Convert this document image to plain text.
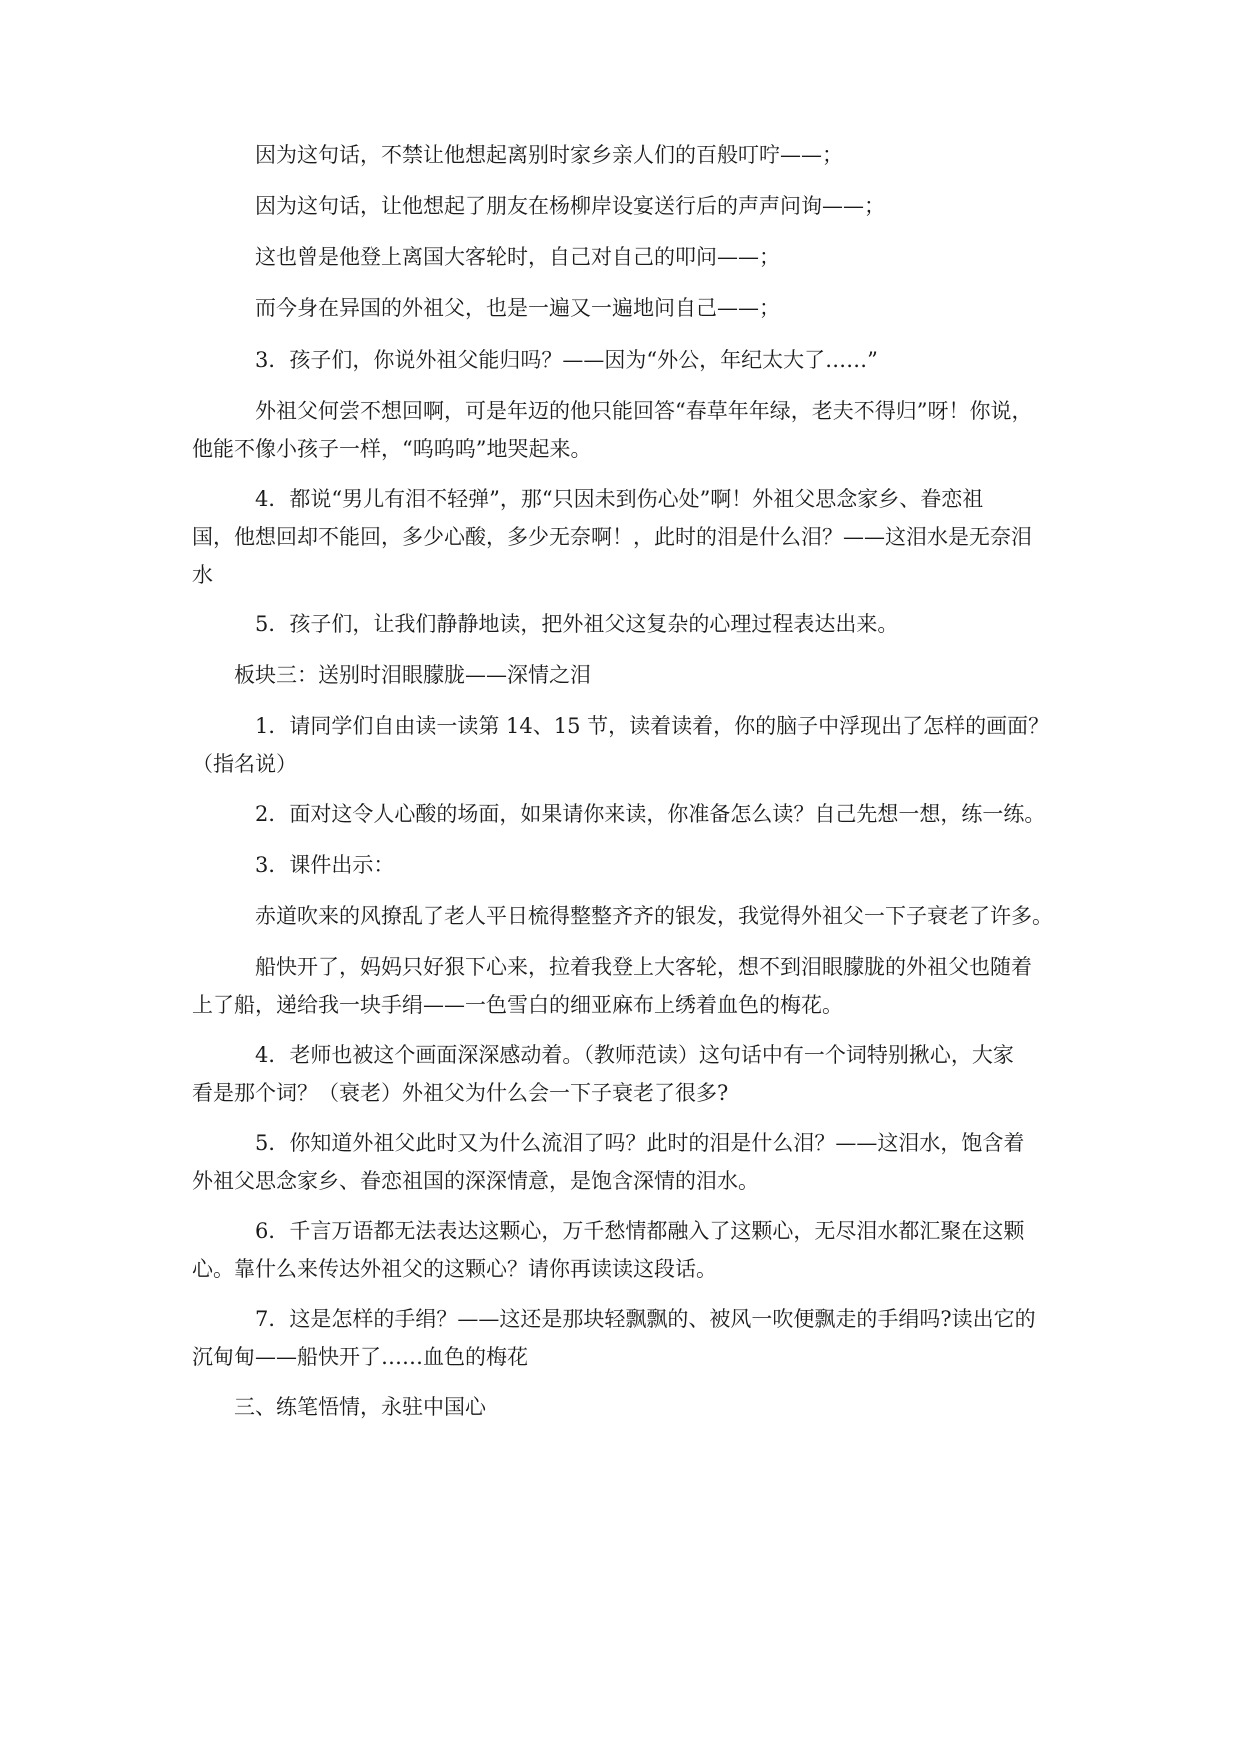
因为这句话，不禁让他想起离别时家乡亲人们的百般叮咛——；

因为这句话，让他想起了朋友在杨柳岸设宴送行后的声声问询——；

这也曾是他登上离国大客轮时，自己对自己的叩问——；

而今身在异国的外祖父，也是一遍又一遍地问自己——；

3．孩子们，你说外祖父能归吗？——因为“外公，年纪太大了……”

外祖父何尝不想回啊，可是年迈的他只能回答“春草年年绿，老夫不得归”呀！你说，
他能不像小孩子一样，“呜呜呜”地哭起来。

4．都说“男儿有泪不轻弹”，那“只因未到伤心处”啊！外祖父思念家乡、眷恋祖
国，他想回却不能回，多少心酸，多少无奈啊！，此时的泪是什么泪？——这泪水是无奈泪
水

5．孩子们，让我们静静地读，把外祖父这复杂的心理过程表达出来。

板块三：送别时泪眼朦胧——深情之泪

1．请同学们自由读一读第 14、15 节，读着读着，你的脑子中浮现出了怎样的画面？
（指名说）

2．面对这令人心酸的场面，如果请你来读，你准备怎么读？自己先想一想，练一练。

3．课件出示：

赤道吹来的风撩乱了老人平日梳得整整齐齐的银发，我觉得外祖父一下子衰老了许多。

船快开了，妈妈只好狠下心来，拉着我登上大客轮，想不到泪眼朦胧的外祖父也随着
上了船，递给我一块手绢——一色雪白的细亚麻布上绣着血色的梅花。

4．老师也被这个画面深深感动着。（教师范读）这句话中有一个词特别揪心，大家
看是那个词？（衰老）外祖父为什么会一下子衰老了很多?

5．你知道外祖父此时又为什么流泪了吗？此时的泪是什么泪？——这泪水，饱含着
外祖父思念家乡、眷恋祖国的深深情意，是饱含深情的泪水。

6．千言万语都无法表达这颗心，万千愁情都融入了这颗心，无尽泪水都汇聚在这颗
心。靠什么来传达外祖父的这颗心？请你再读读这段话。

7．这是怎样的手绢？——这还是那块轻飘飘的、被风一吹便飘走的手绢吗?读出它的
沉甸甸——船快开了……血色的梅花

三、练笔悟情，永驻中国心
